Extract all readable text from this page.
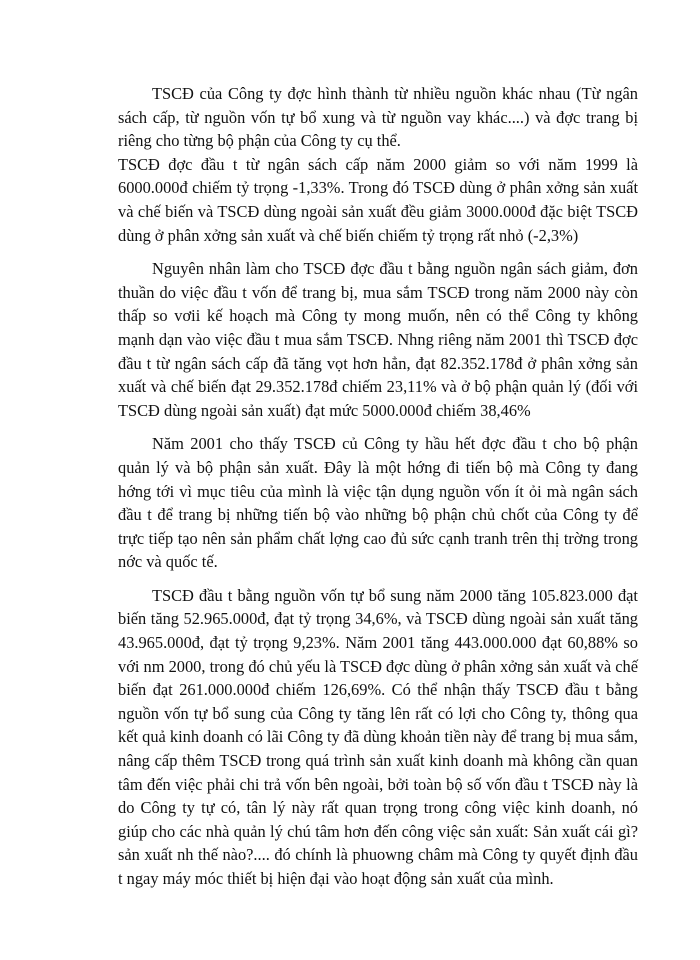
TSCĐ của Công ty đợc hình thành từ nhiều nguồn khác nhau (Từ ngân sách cấp, từ nguồn vốn tự bổ xung và từ nguồn vay khác....) và đợc trang bị riêng cho từng bộ phận của Công ty cụ thể.

TSCĐ đợc đầu t từ ngân sách cấp năm 2000 giảm so với năm 1999 là 6000.000đ chiếm tỷ trọng -1,33%. Trong đó TSCĐ dùng ở phân xởng sản xuất và chế biến và TSCĐ dùng ngoài sản xuất đều giảm 3000.000đ đặc biệt TSCĐ dùng ở phân xởng sản xuất và chế biến chiếm tỷ trọng rất nhỏ (-2,3%)

Nguyên nhân làm cho TSCĐ đợc đầu t bằng nguồn ngân sách giảm, đơn thuần do việc đầu t vốn để trang bị, mua sắm TSCĐ trong năm 2000 này còn thấp so vơii kế hoạch mà Công ty mong muốn, nên có thể Công ty không mạnh dạn vào việc đầu t mua sắm TSCĐ. Nhng riêng năm 2001 thì TSCĐ đợc đầu t từ ngân sách cấp đã tăng vọt hơn hẳn, đạt 82.352.178đ ở phân xởng sản xuất và chế biến đạt 29.352.178đ chiếm 23,11% và ở bộ phận quản lý (đối với TSCĐ dùng ngoài sản xuất) đạt mức 5000.000đ chiếm 38,46%

Năm 2001 cho thấy TSCĐ củ Công ty hầu hết đợc đầu t cho bộ phận quản lý và bộ phận sản xuất. Đây là một hớng đi tiến bộ mà Công ty đang hớng tới vì mục tiêu của mình là việc tận dụng nguồn vốn ít ỏi mà ngân sách đầu t để trang bị những tiến bộ vào những bộ phận chủ chốt của Công ty để trực tiếp tạo nên sản phẩm chất lợng cao đủ sức cạnh tranh trên thị trờng trong nớc và quốc tế.

TSCĐ đầu t bằng nguồn vốn tự bổ sung năm 2000 tăng 105.823.000 đạt biến tăng 52.965.000đ, đạt tỷ trọng 34,6%, và TSCĐ dùng ngoài sản xuất tăng 43.965.000đ, đạt tỷ trọng 9,23%. Năm 2001 tăng 443.000.000 đạt 60,88% so với nm 2000, trong đó chủ yếu là TSCĐ đợc dùng ở phân xởng sản xuất và chế biến đạt 261.000.000đ chiếm 126,69%. Có thể nhận thấy TSCĐ đầu t bằng nguồn vốn tự bổ sung của Công ty tăng lên rất có lợi cho Công ty, thông qua kết quả kinh doanh có lãi Công ty đã dùng khoản tiền này để trang bị mua sắm, nâng cấp thêm TSCĐ trong quá trình sản xuất kinh doanh mà không cần quan tâm đến việc phải chi trả vốn bên ngoài, bởi toàn bộ số vốn đầu t TSCĐ này là do Công ty tự có, tân lý này rất quan trọng trong công việc kinh doanh, nó giúp cho các nhà quản lý chú tâm hơn đến công việc sản xuất: Sản xuất cái gì? sản xuất nh thế nào?.... đó chính là phuowng châm mà Công ty quyết định đầu t ngay máy móc thiết bị hiện đại vào hoạt động sản xuất của mình.
